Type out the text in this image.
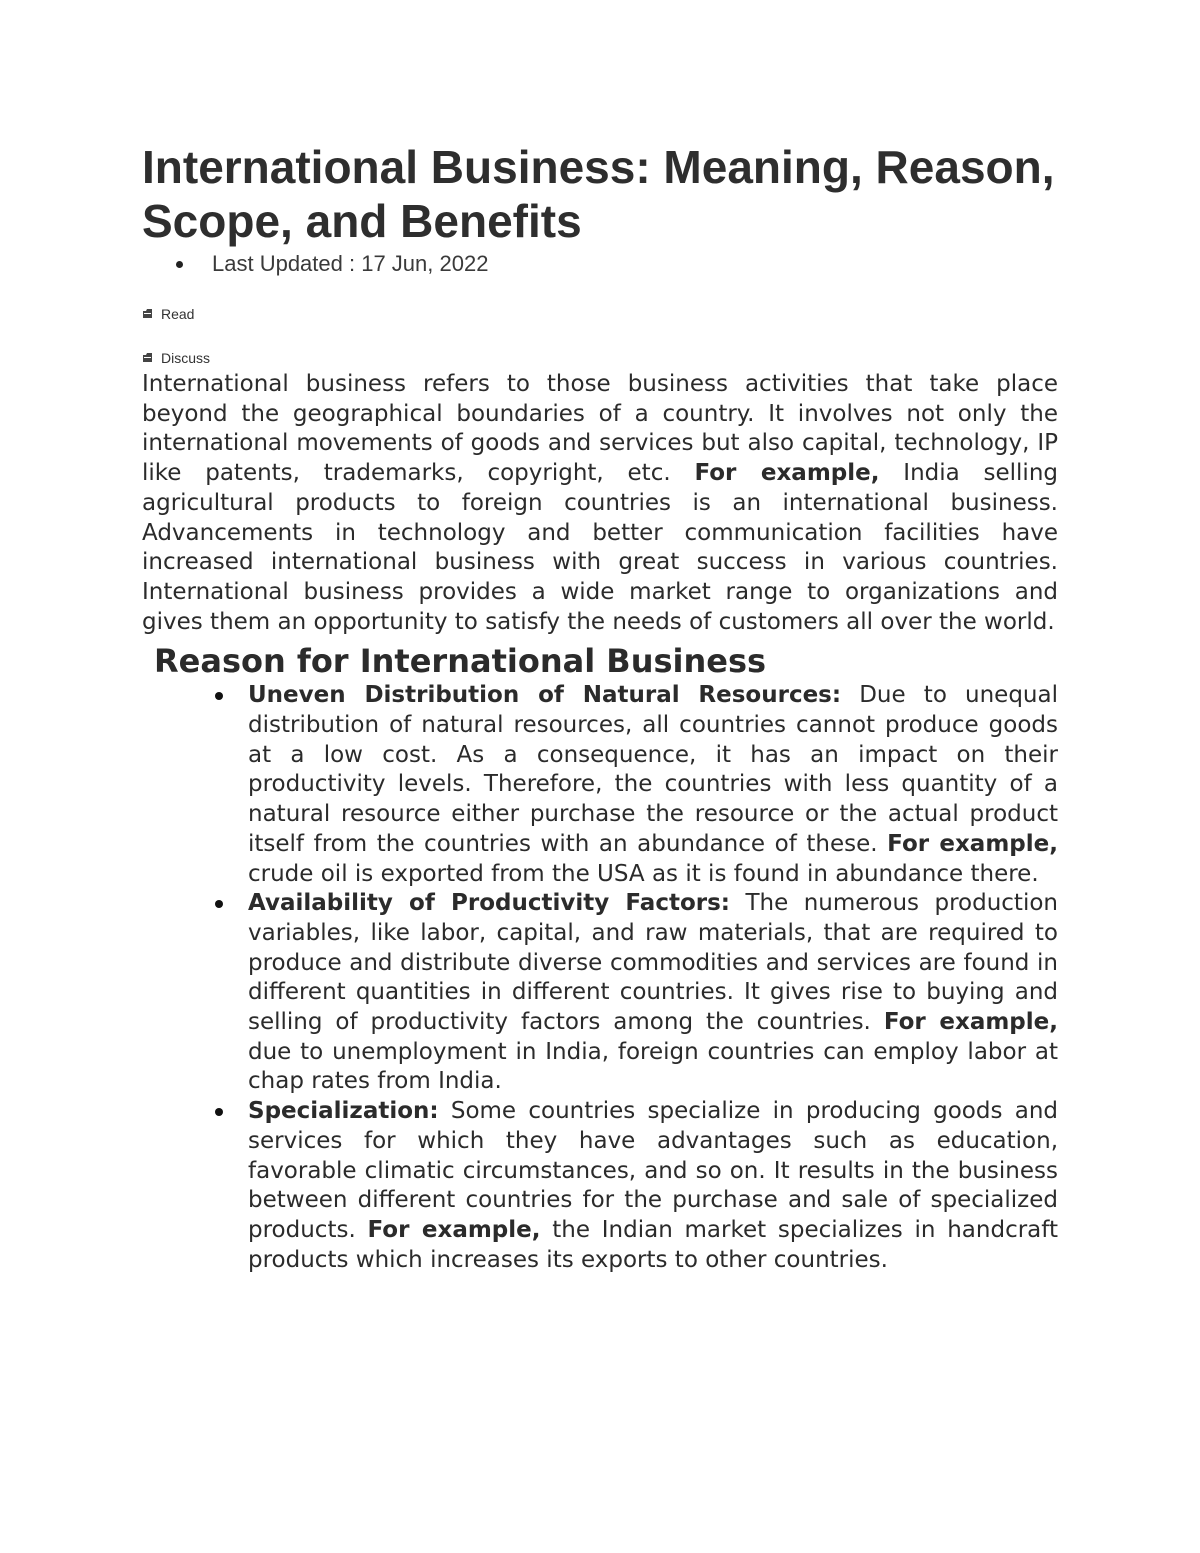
International Business: Meaning, Reason, Scope, and Benefits
Last Updated : 17 Jun, 2022
Read
Discuss

International business refers to those business activities that take place beyond the geographical boundaries of a country. It involves not only the international movements of goods and services but also capital, technology, IP like patents, trademarks, copyright, etc. For example, India selling agricultural products to foreign countries is an international business. Advancements in technology and better communication facilities have increased international business with great success in various countries. International business provides a wide market range to organizations and gives them an opportunity to satisfy the needs of customers all over the world.

Reason for International Business
Uneven Distribution of Natural Resources: Due to unequal distribution of natural resources, all countries cannot produce goods at a low cost. As a consequence, it has an impact on their productivity levels. Therefore, the countries with less quantity of a natural resource either purchase the resource or the actual product itself from the countries with an abundance of these. For example, crude oil is exported from the USA as it is found in abundance there.
Availability of Productivity Factors: The numerous production variables, like labor, capital, and raw materials, that are required to produce and distribute diverse commodities and services are found in different quantities in different countries. It gives rise to buying and selling of productivity factors among the countries. For example, due to unemployment in India, foreign countries can employ labor at chap rates from India.
Specialization: Some countries specialize in producing goods and services for which they have advantages such as education, favorable climatic circumstances, and so on. It results in the business between different countries for the purchase and sale of specialized products. For example, the Indian market specializes in handcraft products which increases its exports to other countries.
